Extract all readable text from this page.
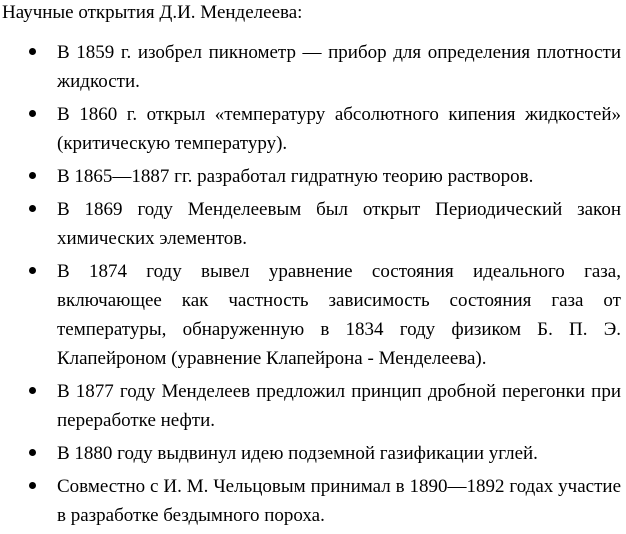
Научные открытия Д.И. Менделеева:
В 1859 г. изобрел пикнометр — прибор для определения плотности жидкости.
В 1860 г. открыл «температуру абсолютного кипения жидкостей» (критическую температуру).
В 1865—1887 гг. разработал гидратную теорию растворов.
В 1869 году Менделеевым был открыт Периодический закон химических элементов.
В 1874 году вывел уравнение состояния идеального газа, включающее как частность зависимость состояния газа от температуры, обнаруженную в 1834 году физиком Б. П. Э. Клапейроном (уравнение Клапейрона - Менделеева).
В 1877 году Менделеев предложил принцип дробной перегонки при переработке нефти.
В 1880 году выдвинул идею подземной газификации углей.
Совместно с И. М. Чельцовым принимал в 1890—1892 годах участие в разработке бездымного пороха.
